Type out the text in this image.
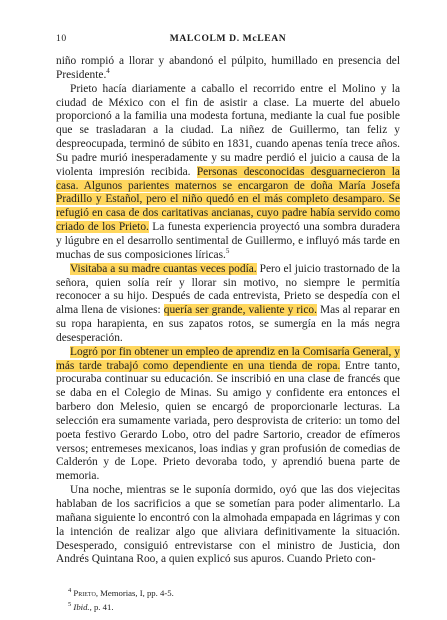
10	MALCOLM D. McLEAN

niño rompió a llorar y abandonó el púlpito, humillado en presencia del Presidente.$^4$

Prieto hacía diariamente a caballo el recorrido entre el Molino y la ciudad de México con el fin de asistir a clase. La muerte del abuelo proporcionó a la familia una modesta fortuna, mediante la cual fue posible que se trasladaran a la ciudad. La niñez de Guillermo, tan feliz y despreocupada, terminó de súbito en 1831, cuando apenas tenía trece años. Su padre murió inesperadamente y su madre perdió el juicio a causa de la violenta impresión recibida. Personas desconocidas desguarnecieron la casa. Algunos parientes maternos se encargaron de doña María Josefa Pradillo y Estañol, pero el niño quedó en el más completo desamparo. Se refugió en casa de dos caritativas ancianas, cuyo padre había servido como criado de los Prieto. La funesta experiencia proyectó una sombra duradera y lúgubre en el desarrollo sentimental de Guillermo, e influyó más tarde en muchas de sus composiciones líricas.$^5$

Visitaba a su madre cuantas veces podía. Pero el juicio trastornado de la señora, quien solía reír y llorar sin motivo, no siempre le permitía reconocer a su hijo. Después de cada entrevista, Prieto se despedía con el alma llena de visiones: quería ser grande, valiente y rico. Mas al reparar en su ropa harapienta, en sus zapatos rotos, se sumergía en la más negra desesperación.

Logró por fin obtener un empleo de aprendiz en la Comisaría General, y más tarde trabajó como dependiente en una tienda de ropa. Entre tanto, procuraba continuar su educación. Se inscribió en una clase de francés que se daba en el Colegio de Minas. Su amigo y confidente era entonces el barbero don Melesio, quien se encargó de proporcionarle lecturas. La selección era sumamente variada, pero desprovista de criterio: un tomo del poeta festivo Gerardo Lobo, otro del padre Sartorio, creador de efímeros versos; entremeses mexicanos, loas indias y gran profusión de comedias de Calderón y de Lope. Prieto devoraba todo, y aprendió buena parte de memoria.

Una noche, mientras se le suponía dormido, oyó que las dos viejecitas hablaban de los sacrificios a que se sometían para poder alimentarlo. La mañana siguiente lo encontró con la almohada empapada en lágrimas y con la intención de realizar algo que aliviara definitivamente la situación. Desesperado, consiguió entrevistarse con el ministro de Justicia, don Andrés Quintana Roo, a quien explicó sus apuros. Cuando Prieto con-

$^4$ Prieto, Memorias, I, pp. 4-5.
$^5$ Ibid., p. 41.
